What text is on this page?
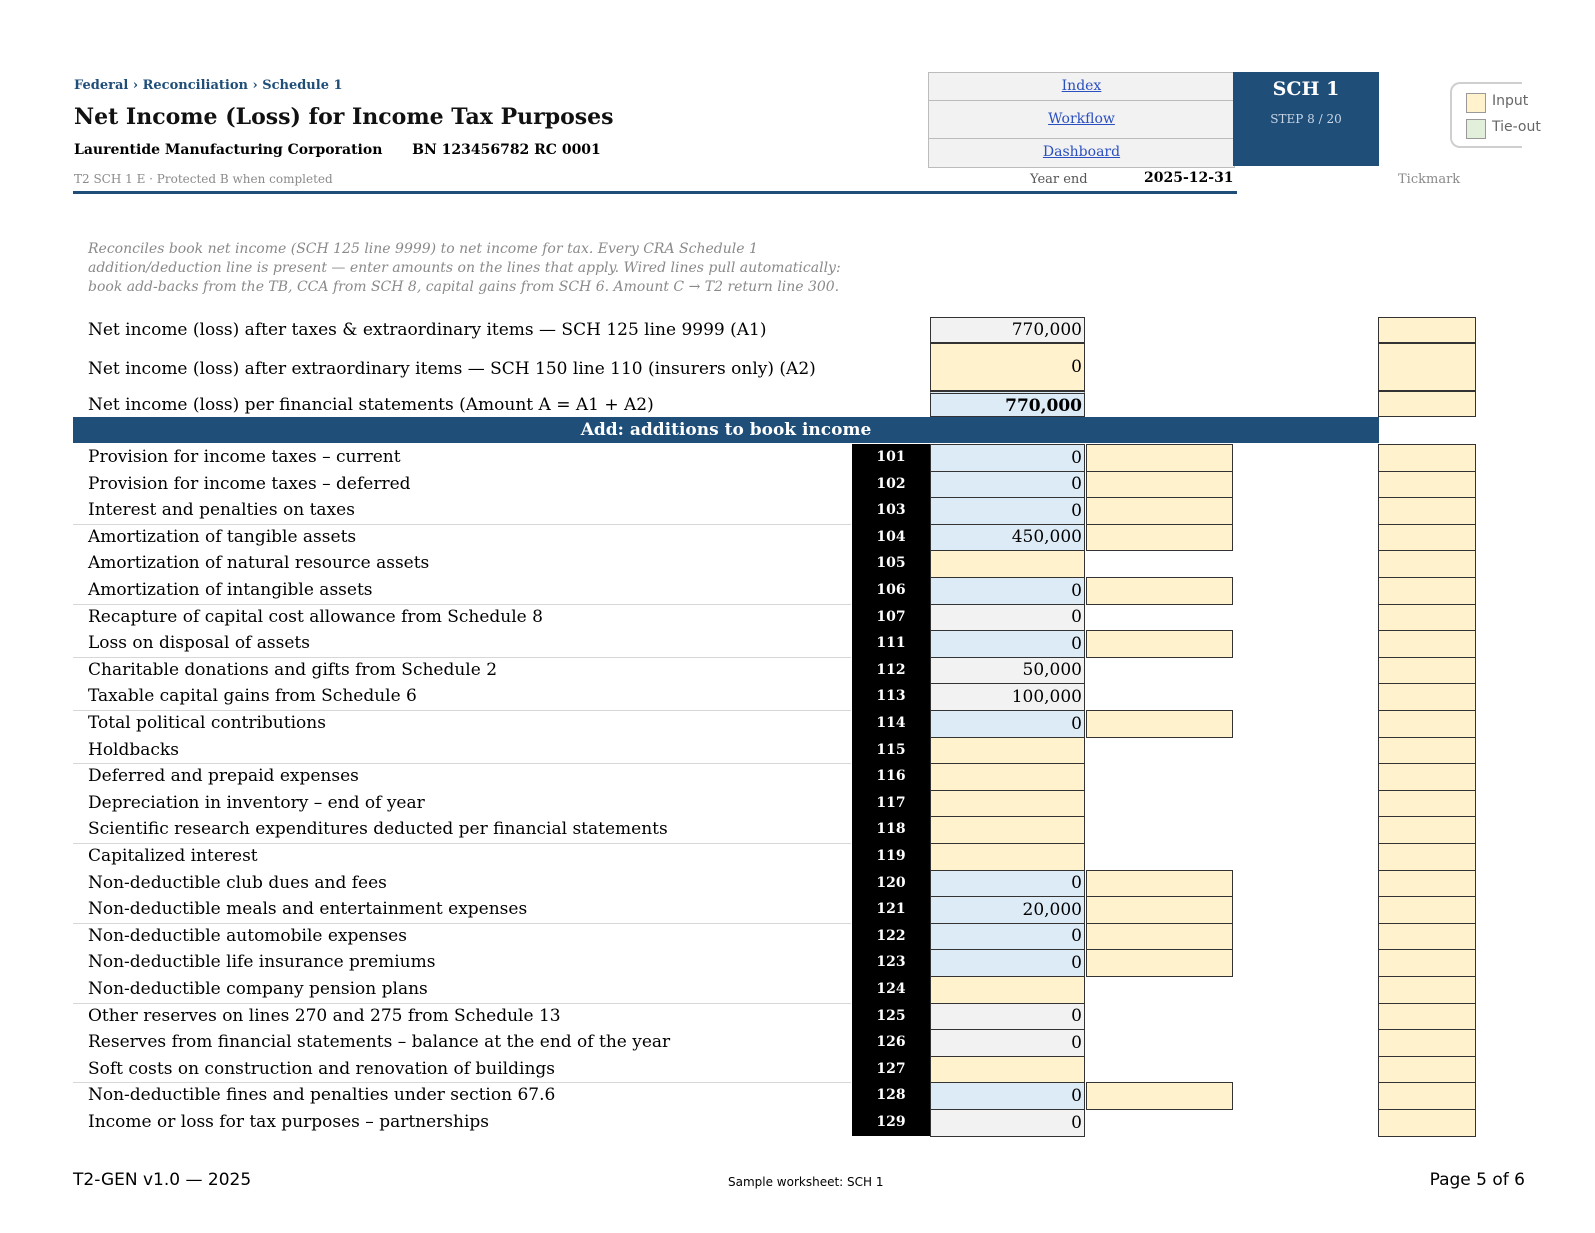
Federal › Reconciliation › Schedule 1
Net Income (Loss) for Income Tax Purposes
Laurentide Manufacturing Corporation BN 123456782 RC 0001
T2 SCH 1 E · Protected B when completed	Year end	2025-12-31	Tickmark
Index
Workflow
Dashboard
SCH 1
STEP 8 / 20
Input
Tie-out
Reconciles book net income (SCH 125 line 9999) to net income for tax. Every CRA Schedule 1 addition/deduction line is present — enter amounts on the lines that apply. Wired lines pull automatically: book add-backs from the TB, CCA from SCH 8, capital gains from SCH 6. Amount C → T2 return line 300.
Net income (loss) after taxes & extraordinary items — SCH 125 line 9999 (A1)	770,000
Net income (loss) after extraordinary items — SCH 150 line 110 (insurers only) (A2)	0
Net income (loss) per financial statements (Amount A = A1 + A2)	770,000
Add: additions to book income
Provision for income taxes – current	101	0
Provision for income taxes – deferred	102	0
Interest and penalties on taxes	103	0
Amortization of tangible assets	104	450,000
Amortization of natural resource assets	105
Amortization of intangible assets	106	0
Recapture of capital cost allowance from Schedule 8	107	0
Loss on disposal of assets	111	0
Charitable donations and gifts from Schedule 2	112	50,000
Taxable capital gains from Schedule 6	113	100,000
Total political contributions	114	0
Holdbacks	115
Deferred and prepaid expenses	116
Depreciation in inventory – end of year	117
Scientific research expenditures deducted per financial statements	118
Capitalized interest	119
Non-deductible club dues and fees	120	0
Non-deductible meals and entertainment expenses	121	20,000
Non-deductible automobile expenses	122	0
Non-deductible life insurance premiums	123	0
Non-deductible company pension plans	124
Other reserves on lines 270 and 275 from Schedule 13	125	0
Reserves from financial statements – balance at the end of the year	126	0
Soft costs on construction and renovation of buildings	127
Non-deductible fines and penalties under section 67.6	128	0
Income or loss for tax purposes – partnerships	129	0
T2-GEN v1.0 — 2025	Sample worksheet: SCH 1	Page 5 of 6
